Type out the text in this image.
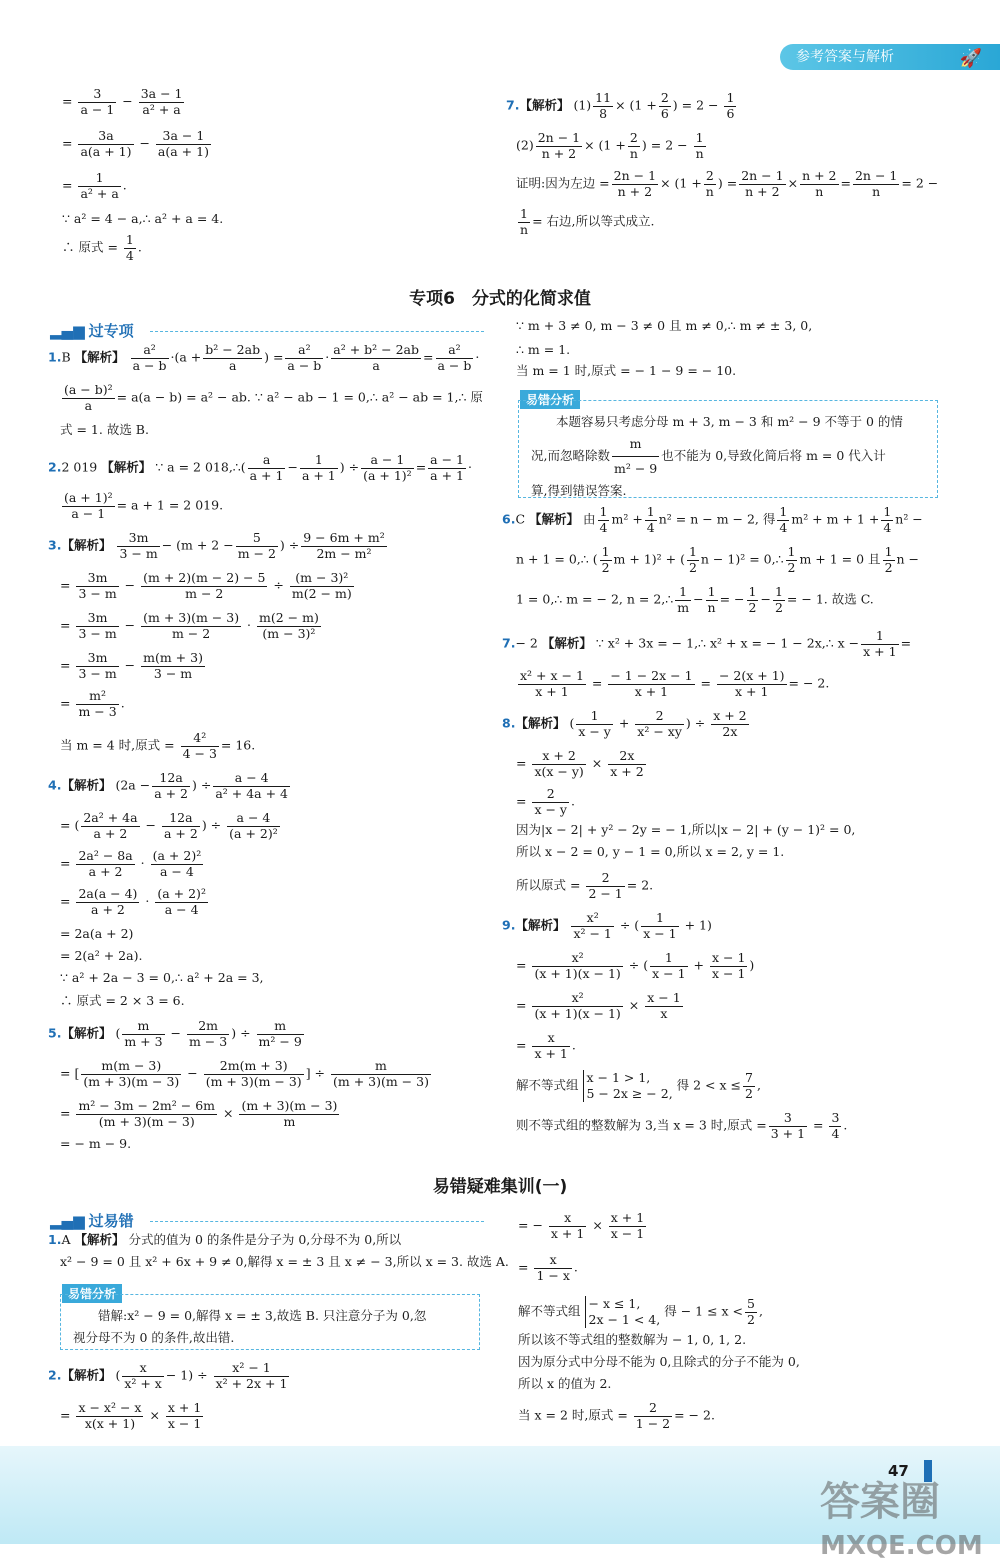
参考答案与解析	🚀
= $\frac{3}{a - 1} - \frac{3a - 1}{\text{a² + a}}$
= $\frac{3a}{a(a + 1)} - \frac{3a - 1}{a(a + 1)}$
= $\frac{1}{\text{a² + a}}$ .
∵ a² = 4 − a,∴ a² + a = 4.
∴ 原式 = $\frac{1}{4}$ .
7.【解析】 $(1) \frac{11}{8} \times (1 + \frac{2}{6}$ ) = $2 - \frac{1}{6}$
$(2) \frac{2n - 1}{n + 2} \times (1 + \frac{2}{n}$ ) = $2 - \frac{1}{n}$
证明:因为左边 = $\frac{2n - 1}{n + 2} \times (1 + \frac{2}{n}$ ) = $\frac{2n - 1}{n + 2} \times \frac{n + 2}{n} = \frac{2n - 1}{n} = 2$ −
$\frac{1}{n}$ = 右边,所以等式成立.
专项6　分式的化简求值
▂▄▆ 过专项
1.B 【解析】 $\frac{\text{a²}}{a - b} \cdot(a + \frac{\text{b² − 2ab}}{a}$ ) = $\frac{\text{a²}}{a - b} \cdot \frac{\text{a² + b² − 2ab}}{a} = \frac{\text{a²}}{a - b}$ ·
$\frac{\text{(a − b)²}}{a} = a(a - b) = a^2$ − ab. ∵ a² − ab − 1 = 0,∴ a² − ab = 1,∴ 原
式 = 1. 故选 B.
2.2 019 【解析】 ∵ a = 2 018,∴( $\frac{a}{a + 1} - \frac{1}{a + 1}$ ) ÷ $\frac{a - 1}{\text{(a + 1)²}} = \frac{a - 1}{a + 1}$ ·
$\frac{\text{(a + 1)²}}{a - 1} = a + 1 = 2$ 019.
3.【解析】 $\frac{3m}{3 - m} - (m + 2 - \frac{5}{m - 2}$ ) ÷ $\frac{\text{9 − 6m + m²}}{\text{2m − m²}}$
= $\frac{3m}{3 - m} - \frac{(m + 2)(m - 2) - 5}{m - 2} \div \frac{\text{(m − 3)²}}{m(2 - m)}$
= $\frac{3m}{3 - m} - \frac{(m + 3)(m - 3)}{m - 2} \cdot \frac{m(2 - m)}{\text{(m − 3)²}}$
= $\frac{3m}{3 - m} - \frac{m(m + 3)}{3 - m}$
= $\frac{\text{m²}}{m - 3}$ .
当 m = 4 时,原式 = $\frac{\text{4²}}{4 - 3} = 16$.
4.【解析】 ($2a - \frac{12a}{a + 2}$ ) ÷ $\frac{a - 4}{\text{a² + 4a + 4}}$
= ( $\frac{\text{2a² + 4a}}{a + 2} - \frac{12a}{a + 2}$ ) ÷ $\frac{a - 4}{\text{(a + 2)²}}$
= $\frac{\text{2a² − 8a}}{a + 2} \cdot \frac{\text{(a + 2)²}}{a - 4}$
= $\frac{2a(a - 4)}{a + 2} \cdot \frac{\text{(a + 2)²}}{a - 4}$
= 2a(a + 2)
= 2(a² + 2a).
∵ a² + 2a − 3 = 0,∴ a² + 2a = 3,
∴ 原式 = 2 × 3 = 6.
5.【解析】 ( $\frac{m}{m + 3} - \frac{2m}{m - 3}$ ) ÷ $\frac{m}{\text{m² − 9}}$
= [ $\frac{m(m - 3)}{(m + 3)(m - 3)} - \frac{2m(m + 3)}{(m + 3)(m - 3)}$ ] ÷ $\frac{m}{(m + 3)(m - 3)}$
= $\frac{\text{m² − 3m − 2m² − 6m}}{(m + 3)(m - 3)} \times \frac{(m + 3)(m - 3)}{m}$
= − m − 9.
∵ m + 3 ≠ 0, m − 3 ≠ 0 且 m ≠ 0,∴ m ≠ ± 3, 0,
∴ m = 1.
当 m = 1 时,原式 = − 1 − 9 = − 10.
易错分析
本题容易只考虑分母 m + 3, m − 3 和 m² − 9 不等于 0 的情
况,而忽略除数 $\frac{m}{\text{m² − 9}}$ 也不能为 0,导致化简后将 m = 0 代入计
算,得到错误答案.
6.C 【解析】 由 $\frac{1}{4} m^2 + \frac{1}{4} n^2 = n - m - 2$, 得 $\frac{1}{4} m^2 + m + 1 + \frac{1}{4} n^2$ −
n + 1 = 0,∴ ( $\frac{1}{2}$ m + 1)² + ( $\frac{1}{2}$ n − 1)² = 0,∴ $\frac{1}{2}$ m + 1 = 0 且 $\frac{1}{2}$ n −
1 = 0,∴ m = − 2, n = 2,∴ $\frac{1}{m} - \frac{1}{n}$ = − $\frac{1}{2} - \frac{1}{2}$ = − 1. 故选 C.
7.− 2 【解析】 ∵ x² + 3x = − 1,∴ x² + x = − 1 − 2x,∴ $x - \frac{1}{x + 1}$ =
$\frac{\text{x² + x − 1}}{x + 1} = \frac{- 1 - 2x - 1}{x + 1} = \frac{- 2(x + 1)}{x + 1}$ = − 2.
8.【解析】 ( $\frac{1}{x - y} + \frac{2}{\text{x² − xy}}$ ) ÷ $\frac{x + 2}{2x}$
= $\frac{x + 2}{x(x - y)} \times \frac{2x}{x + 2}$
= $\frac{2}{x - y}$ .
因为|x − 2| + y² − 2y = − 1,所以|x − 2| + (y − 1)² = 0,
所以 x − 2 = 0, y − 1 = 0,所以 x = 2, y = 1.
所以原式 = $\frac{2}{2 - 1} = 2$.
9.【解析】 $\frac{\text{x²}}{\text{x² − 1}}$ ÷ ( $\frac{1}{x - 1} + 1$)
= $\frac{\text{x²}}{(x + 1)(x - 1)}$ ÷ ( $\frac{1}{x - 1} + \frac{x - 1}{x - 1}$ )
= $\frac{\text{x²}}{(x + 1)(x - 1)} \times \frac{x - 1}{x}$
= $\frac{x}{x + 1}$ .
解不等式组 x − 1 > 1,
5 − 2x ≥ − 2,
得 $2 < x \le \frac{7}{2}$ ,
则不等式组的整数解为 3,当 x = 3 时,原式 = $\frac{3}{3 + 1} = \frac{3}{4}$ .
易错疑难集训(一)
▂▄▆ 过易错
1.A 【解析】 分式的值为 0 的条件是分子为 0,分母不为 0,所以
x² − 9 = 0 且 x² + 6x + 9 ≠ 0,解得 x = ± 3 且 x ≠ − 3,所以 x = 3. 故选 A.
易错分析
错解:x² − 9 = 0,解得 x = ± 3,故选 B. 只注意分子为 0,忽
视分母不为 0 的条件,故出错.
2.【解析】 ( $\frac{x}{\text{x² + x}} - 1) \div \frac{\text{x² − 1}}{\text{x² + 2x + 1}}$
= $\frac{\text{x − x² − x}}{x(x + 1)} \times \frac{x + 1}{x - 1}$
= − $\frac{x}{x + 1} \times \frac{x + 1}{x - 1}$
= $\frac{x}{1 - x}$ .
解不等式组 − x ≤ 1,
2x − 1 < 4,
得 − $1 \le x < \frac{5}{2}$ ,
所以该不等式组的整数解为 − 1, 0, 1, 2.
因为原分式中分母不能为 0,且除式的分子不能为 0,
所以 x 的值为 2.
当 x = 2 时,原式 = $\frac{2}{1 - 2}$ = − 2.
47
答案圈
MXQE.COM
